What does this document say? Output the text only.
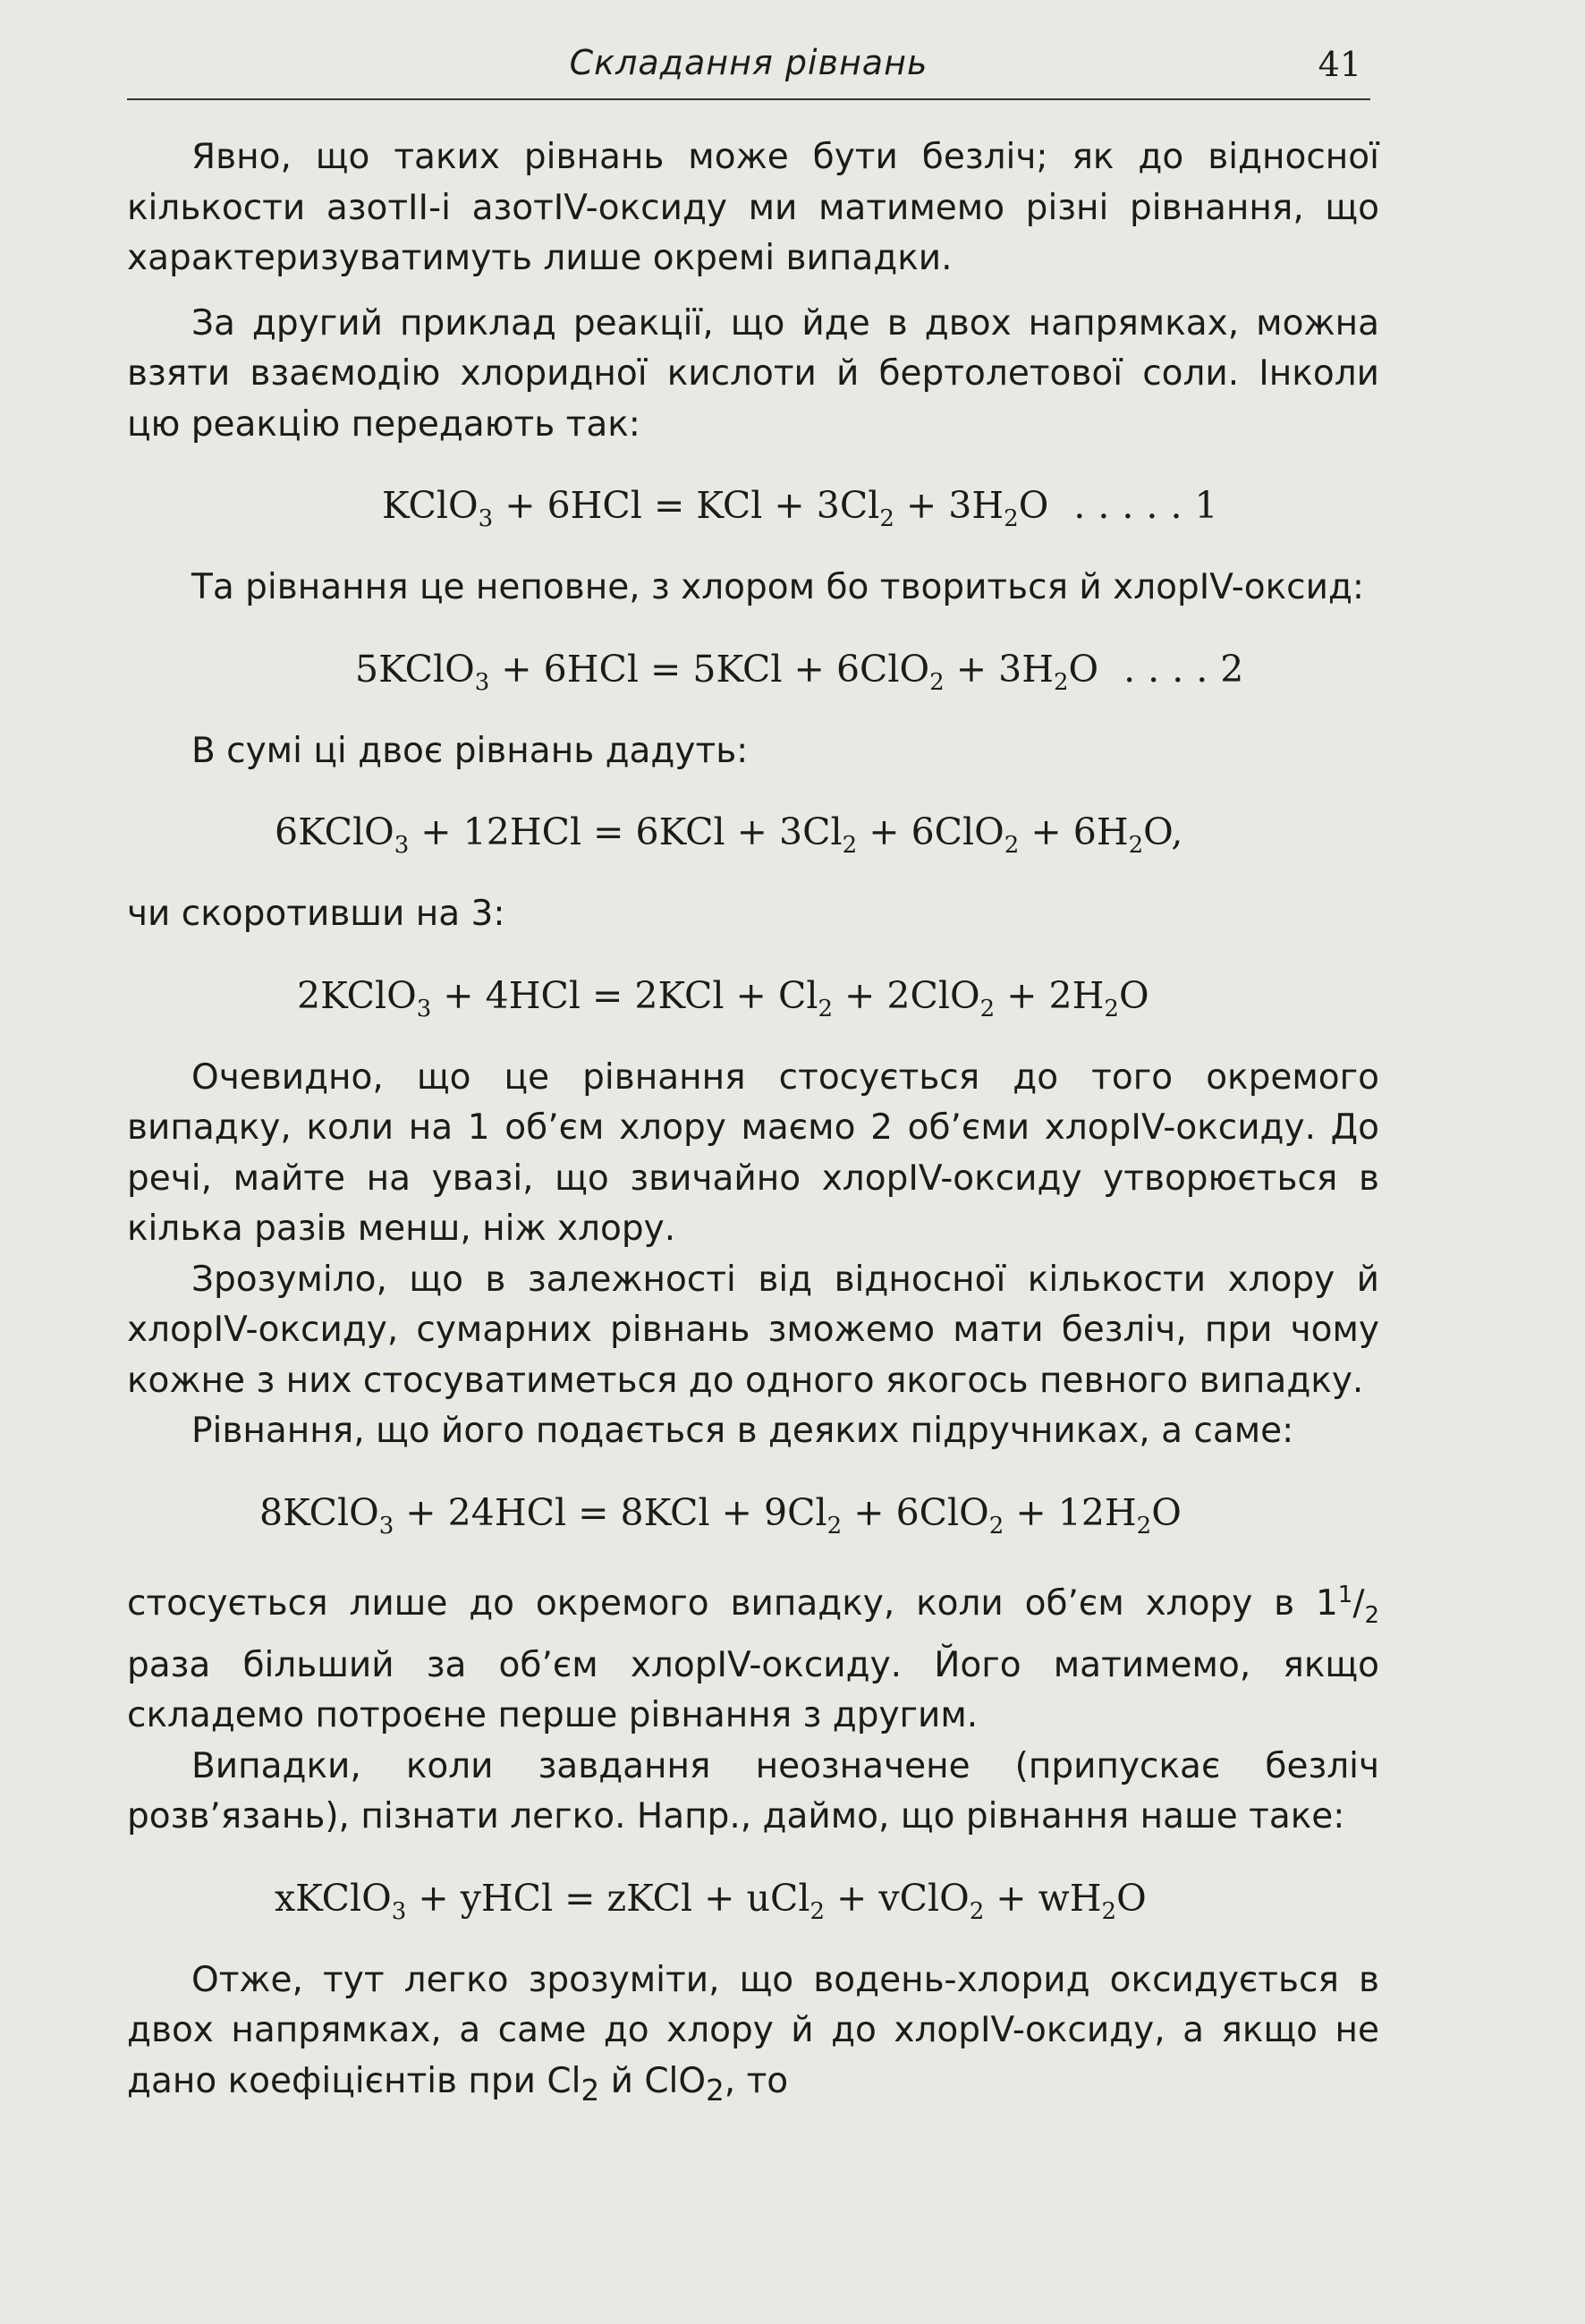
Складання рівнань	41

Явно, що таких рівнань може бути безліч; як до відносної кількости азотII-і азотIV-оксиду ми матимемо різні рівнання, що характеризуватимуть лише окремі випадки.

За другий приклад реакції, що йде в двох напрямках, можна взяти взаємодію хлоридної кислоти й бертолетової соли. Інколи цю реакцію передають так:

KClO$_3$ + 6HCl = KCl + $3Cl_2 + 3H_2O$ .....1

Та рівнання це неповне, з хлором бо твориться й хлорIV-оксид:

5KClO$_3$ + $6HCl = 5KCl + 6ClO_2 + 3H_2O$ ....2

В сумі ці двоє рівнань дадуть:

6KClO$_3$ + $12HCl = 6KCl + 3Cl_2 + 6ClO_2 + 6H_2O$,

чи скоротивши на 3:

2KClO$_3$ + $4HCl = 2KCl + Cl_2 + 2ClO_2 + 2H_2O$

Очевидно, що це рівнання стосується до того окремого випадку, коли на 1 об’єм хлору маємо 2 об’єми хлорIV-оксиду. До речі, майте на увазі, що звичайно хлорIV-оксиду утворюється в кілька разів менш, ніж хлору.

Зрозуміло, що в залежності від відносної кількости хлору й хлорIV-оксиду, сумарних рівнань зможемо мати безліч, при чому кожне з них стосуватиметься до одного якогось певного випадку.

Рівнання, що його подається в деяких підручниках, а саме:

8KClO$_3$ + $24HCl = 8KCl + 9Cl_2 + 6ClO_2 + 12H_2O$

стосується лише до окремого випадку, коли об’єм хлору в $1^1/_2$ раза більший за об’єм хлорIV-оксиду. Його матимемо, якщо складемо потроєне перше рівнання з другим.

Випадки, коли завдання неозначене (припускає безліч розв’язань), пізнати легко. Напр., даймо, що рівнання наше таке:

xKClO$_3$ + yHCl = zKCl + uCl$_2$ + vClO$_2$ + $wH_2O$

Отже, тут легко зрозуміти, що водень-хлорид оксидується в двох напрямках, а саме до хлору й до хлорIV-оксиду, а якщо не дано коефіцієнтів при $Cl_2$ й ClO$_2$, то
